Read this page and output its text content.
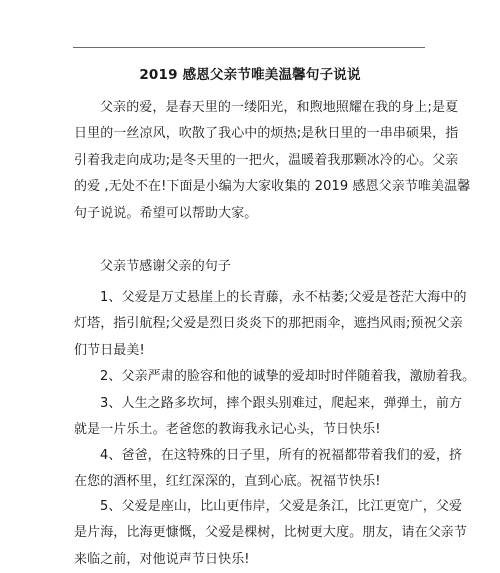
2019 感恩父亲节唯美温馨句子说说
父亲的爱，是春天里的一缕阳光，和煦地照耀在我的身上;是夏
日里的一丝凉风，吹散了我心中的烦热;是秋日里的一串串硕果，指
引着我走向成功;是冬天里的一把火，温暖着我那颗冰冷的心。父亲
的爱 ,无处不在!下面是小编为大家收集的 2019 感恩父亲节唯美温馨
句子说说。希望可以帮助大家。
父亲节感谢父亲的句子
1、父爱是万丈悬崖上的长青藤，永不枯萎;父爱是苍茫大海中的
灯塔，指引航程;父爱是烈日炎炎下的那把雨伞，遮挡风雨;预祝父亲
们节日最美!
2、父亲严肃的脸容和他的诚挚的爱却时时伴随着我，激励着我。
3、人生之路多坎坷，摔个跟头别难过，爬起来，弹弹土，前方
就是一片乐土。老爸您的教诲我永记心头，节日快乐!
4、爸爸，在这特殊的日子里，所有的祝福都带着我们的爱，挤
在您的酒杯里，红红深深的，直到心底。祝福节快乐!
5、父爱是座山，比山更伟岸，父爱是条江，比江更宽广，父爱
是片海，比海更慷慨，父爱是棵树，比树更大度。朋友，请在父亲节
来临之前，对他说声节日快乐!
